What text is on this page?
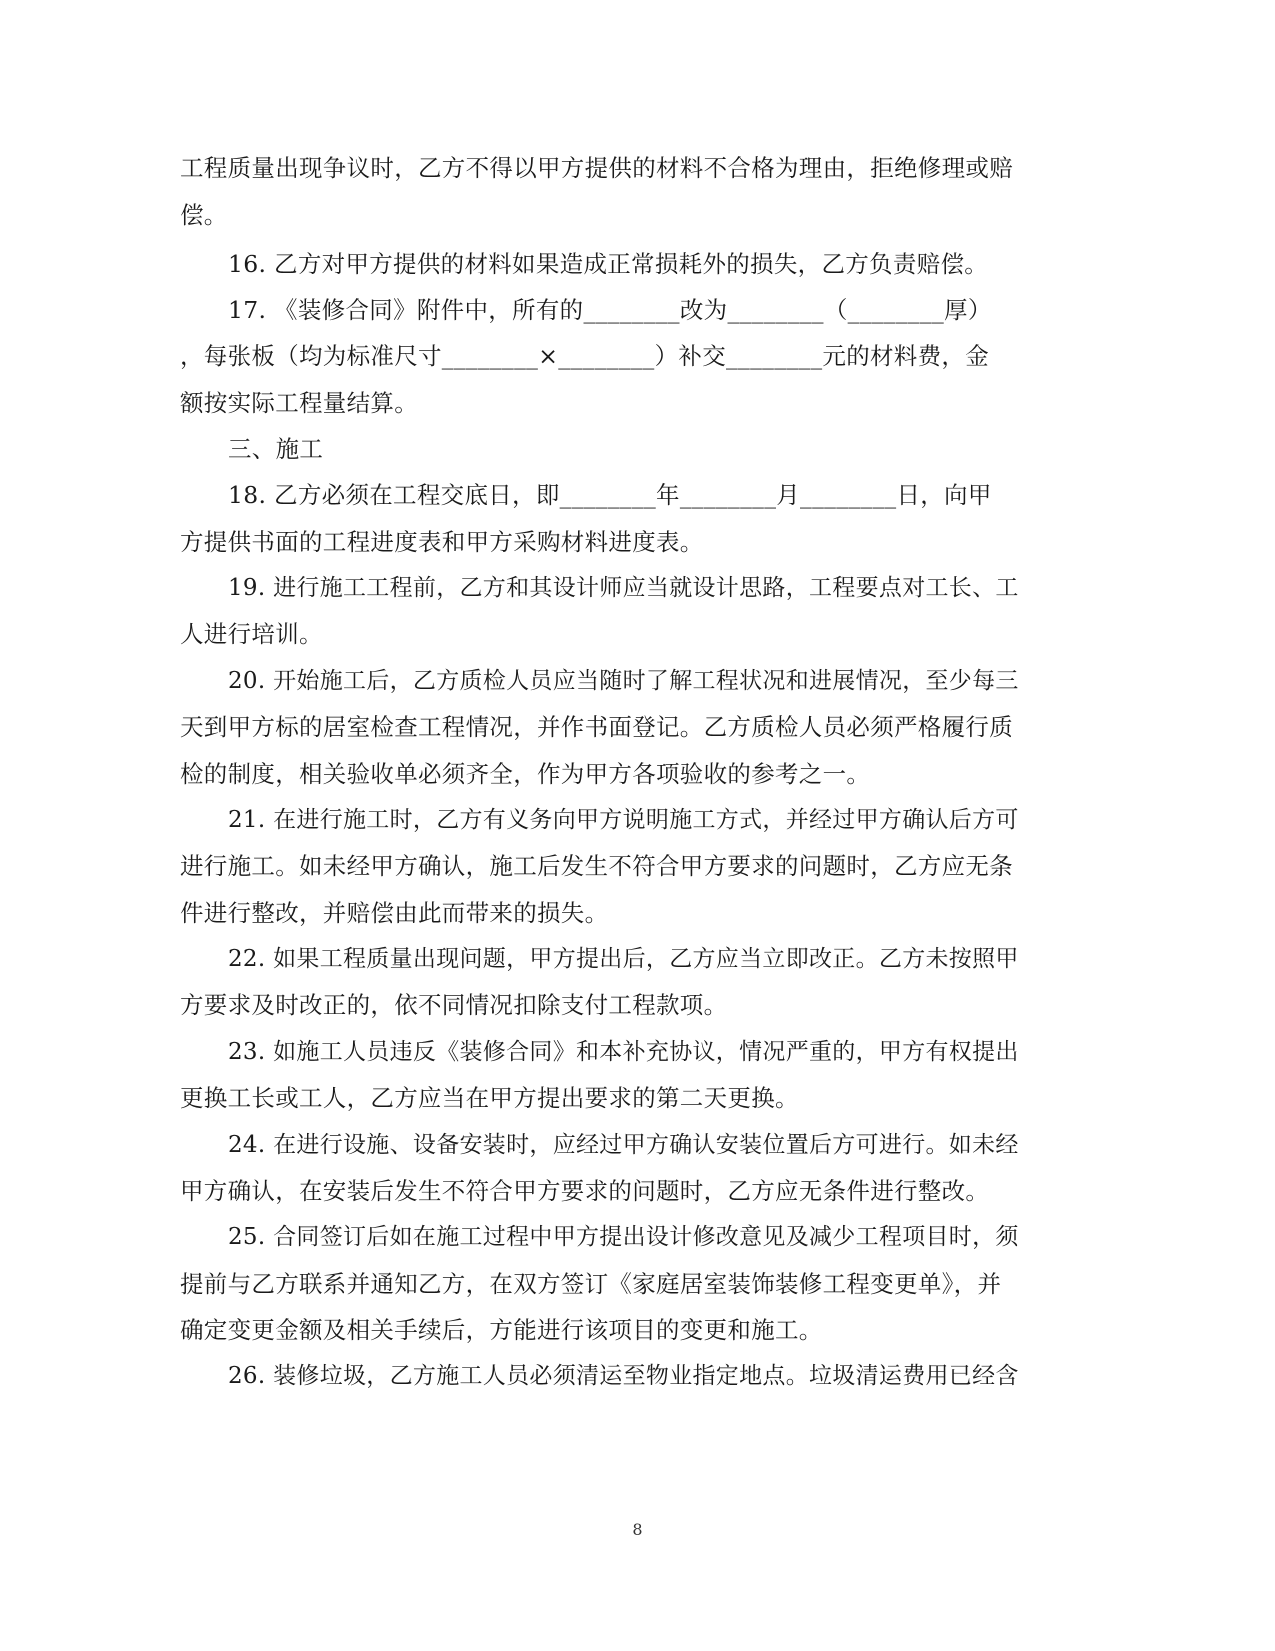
工程质量出现争议时，乙方不得以甲方提供的材料不合格为理由，拒绝修理或赔
偿。
16. 乙方对甲方提供的材料如果造成正常损耗外的损失，乙方负责赔偿。
17. 《装修合同》附件中，所有的________改为________（________厚）
，每张板（均为标准尺寸________×________）补交________元的材料费，金
额按实际工程量结算。
三、施工
18. 乙方必须在工程交底日，即________年________月________日，向甲
方提供书面的工程进度表和甲方采购材料进度表。
19. 进行施工工程前，乙方和其设计师应当就设计思路，工程要点对工长、工
人进行培训。
20. 开始施工后，乙方质检人员应当随时了解工程状况和进展情况，至少每三
天到甲方标的居室检查工程情况，并作书面登记。乙方质检人员必须严格履行质
检的制度，相关验收单必须齐全，作为甲方各项验收的参考之一。
21. 在进行施工时，乙方有义务向甲方说明施工方式，并经过甲方确认后方可
进行施工。如未经甲方确认，施工后发生不符合甲方要求的问题时，乙方应无条
件进行整改，并赔偿由此而带来的损失。
22. 如果工程质量出现问题，甲方提出后，乙方应当立即改正。乙方未按照甲
方要求及时改正的，依不同情况扣除支付工程款项。
23. 如施工人员违反《装修合同》和本补充协议，情况严重的，甲方有权提出
更换工长或工人，乙方应当在甲方提出要求的第二天更换。
24. 在进行设施、设备安装时，应经过甲方确认安装位置后方可进行。如未经
甲方确认，在安装后发生不符合甲方要求的问题时，乙方应无条件进行整改。
25. 合同签订后如在施工过程中甲方提出设计修改意见及减少工程项目时，须
提前与乙方联系并通知乙方，在双方签订《家庭居室装饰装修工程变更单》，并
确定变更金额及相关手续后，方能进行该项目的变更和施工。
26. 装修垃圾，乙方施工人员必须清运至物业指定地点。垃圾清运费用已经含
8
